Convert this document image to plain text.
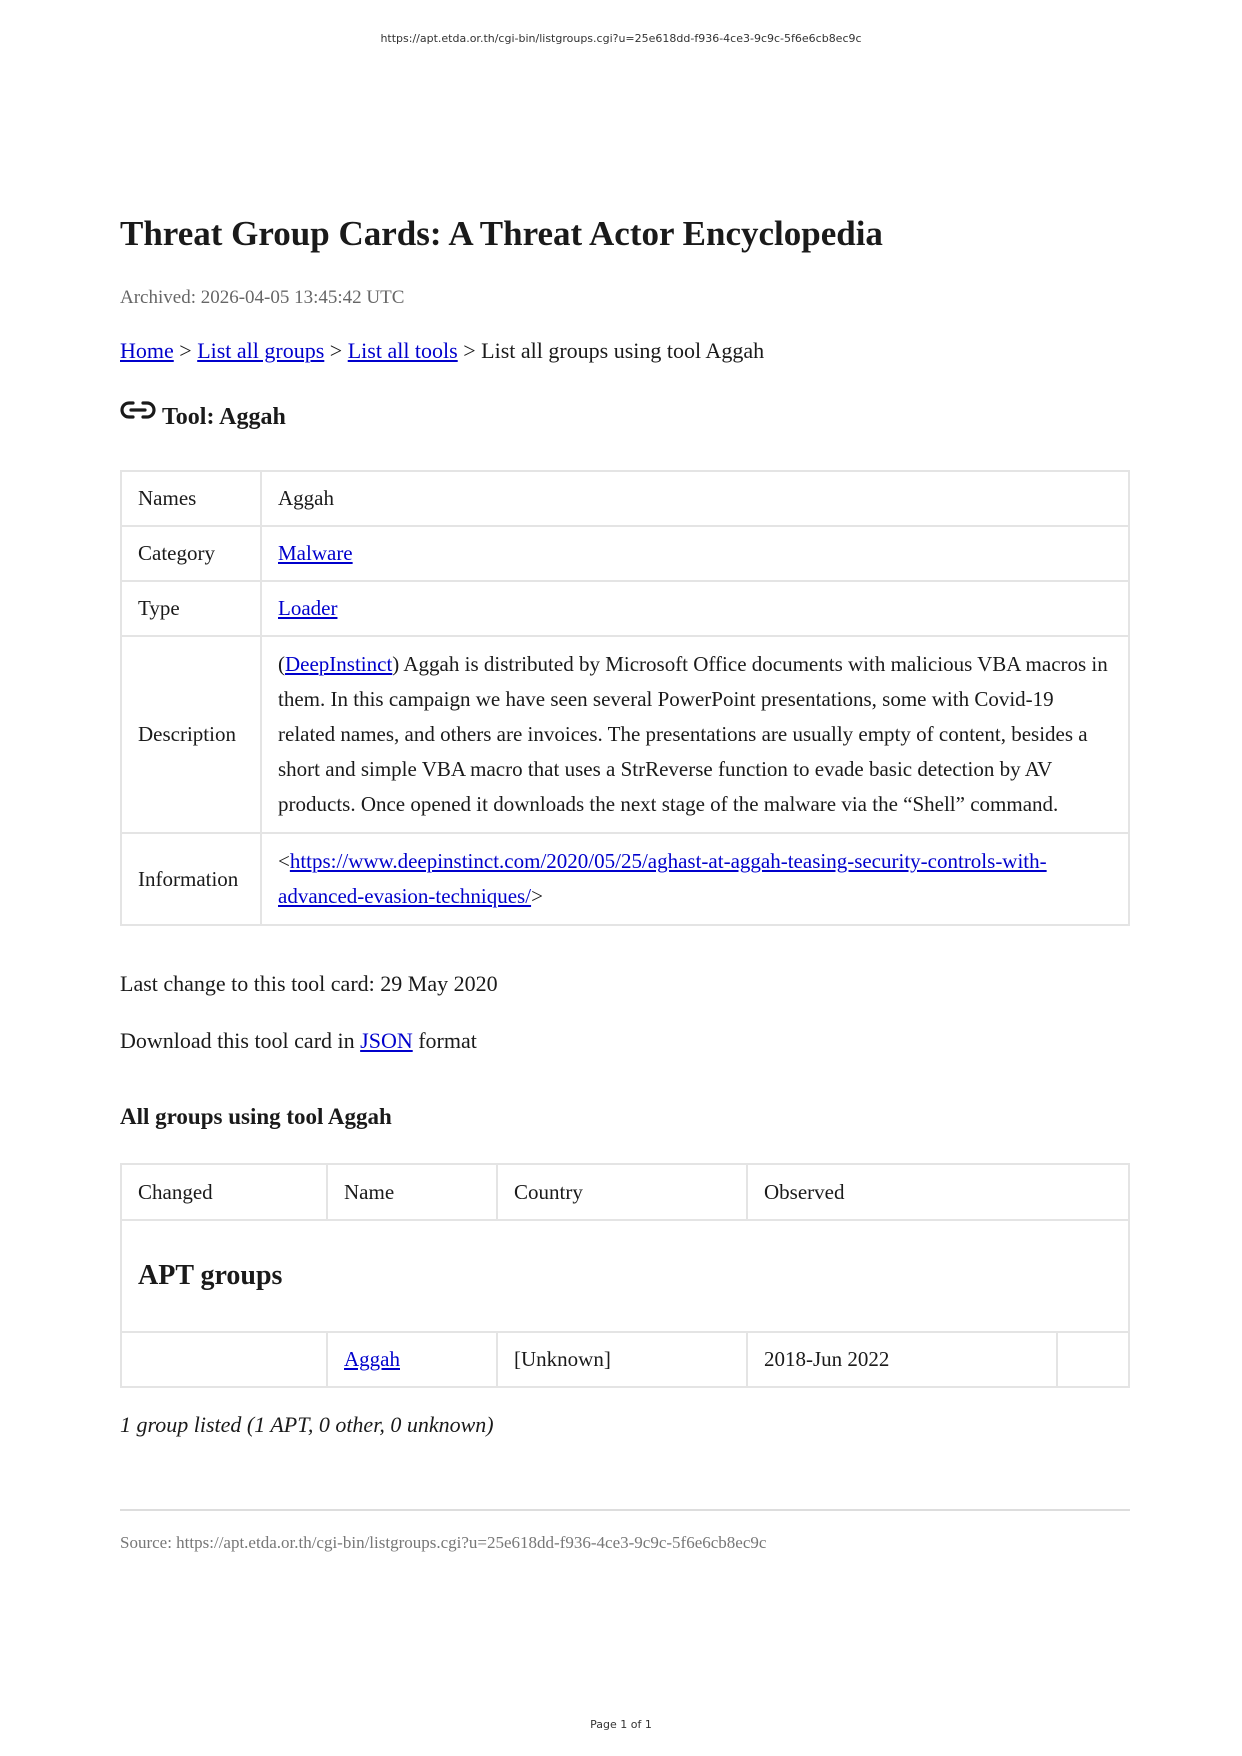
https://apt.etda.or.th/cgi-bin/listgroups.cgi?u=25e618dd-f936-4ce3-9c9c-5f6e6cb8ec9c
Threat Group Cards: A Threat Actor Encyclopedia
Archived: 2026-04-05 13:45:42 UTC
Home > List all groups > List all tools > List all groups using tool Aggah
Tool: Aggah
Names	Aggah
Category	Malware
Type	Loader
Description	(DeepInstinct) Aggah is distributed by Microsoft Office documents with malicious VBA macros in them. In this campaign we have seen several PowerPoint presentations, some with Covid-19 related names, and others are invoices. The presentations are usually empty of content, besides a short and simple VBA macro that uses a StrReverse function to evade basic detection by AV products. Once opened it downloads the next stage of the malware via the “Shell” command.
Information	<https://www.deepinstinct.com/2020/05/25/aghast-at-aggah-teasing-security-controls-with-advanced-evasion-techniques/>
Last change to this tool card: 29 May 2020
Download this tool card in JSON format
All groups using tool Aggah
Changed	Name	Country	Observed	
APT groups				
	Aggah	[Unknown]	2018-Jun 2022	
1 group listed (1 APT, 0 other, 0 unknown)
Source: https://apt.etda.or.th/cgi-bin/listgroups.cgi?u=25e618dd-f936-4ce3-9c9c-5f6e6cb8ec9c
Page 1 of 1
